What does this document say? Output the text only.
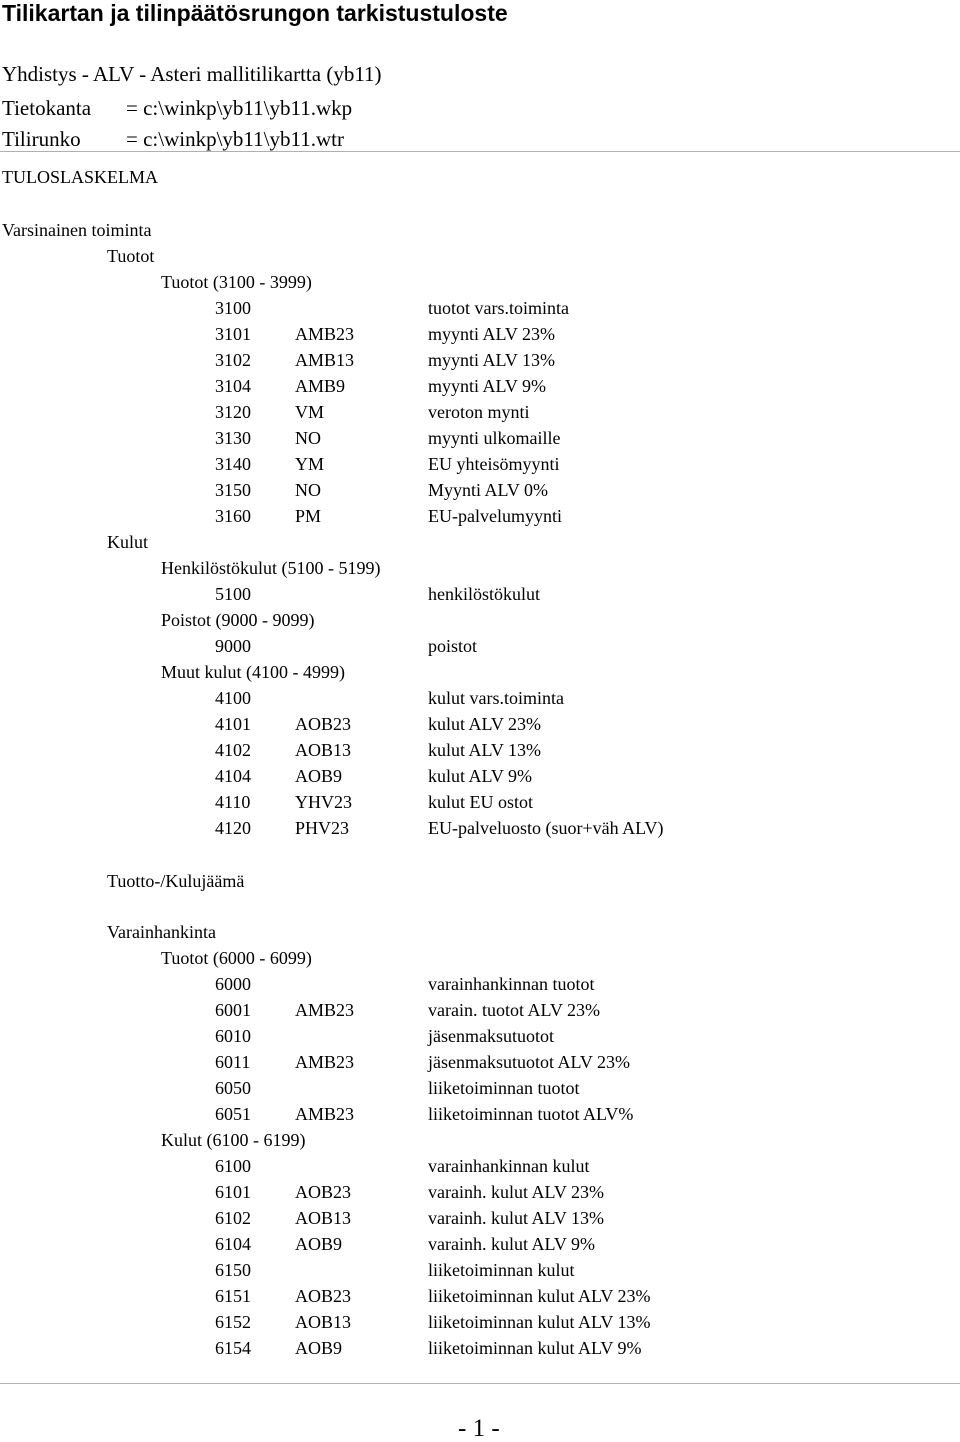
Tilikartan ja tilinpäätösrungon tarkistustuloste
Yhdistys - ALV - Asteri mallitilikartta (yb11)
Tietokanta = c:\winkp\yb11\yb11.wkp
Tilirunko = c:\winkp\yb11\yb11.wtr
TULOSLASKELMA
Varsinainen toiminta
Tuotot
Tuotot (3100 - 3999)
3100	tuotot vars.toiminta
3101 AMB23	myynti ALV 23%
3102 AMB13	myynti ALV 13%
3104 AMB9	myynti ALV 9%
3120 VM	veroton mynti
3130 NO	myynti ulkomaille
3140 YM	EU yhteisömyynti
3150 NO	Myynti ALV 0%
3160 PM	EU-palvelumyynti
Kulut
Henkilöstökulut (5100 - 5199)
5100	henkilöstökulut
Poistot (9000 - 9099)
9000	poistot
Muut kulut (4100 - 4999)
4100	kulut vars.toiminta
4101 AOB23	kulut ALV 23%
4102 AOB13	kulut ALV 13%
4104 AOB9	kulut ALV 9%
4110 YHV23	kulut EU ostot
4120 PHV23	EU-palveluosto (suor+väh ALV)
Tuotto-/Kulujäämä
Varainhankinta
Tuotot (6000 - 6099)
6000	varainhankinnan tuotot
6001 AMB23	varain. tuotot ALV 23%
6010	jäsenmaksutuotot
6011 AMB23	jäsenmaksutuotot ALV 23%
6050	liiketoiminnan tuotot
6051 AMB23	liiketoiminnan tuotot ALV%
Kulut (6100 - 6199)
6100	varainhankinnan kulut
6101 AOB23	varainh. kulut ALV 23%
6102 AOB13	varainh. kulut ALV 13%
6104 AOB9	varainh. kulut ALV 9%
6150	liiketoiminnan kulut
6151 AOB23	liiketoiminnan kulut ALV 23%
6152 AOB13	liiketoiminnan kulut ALV 13%
6154 AOB9	liiketoiminnan kulut ALV 9%
- 1 -
